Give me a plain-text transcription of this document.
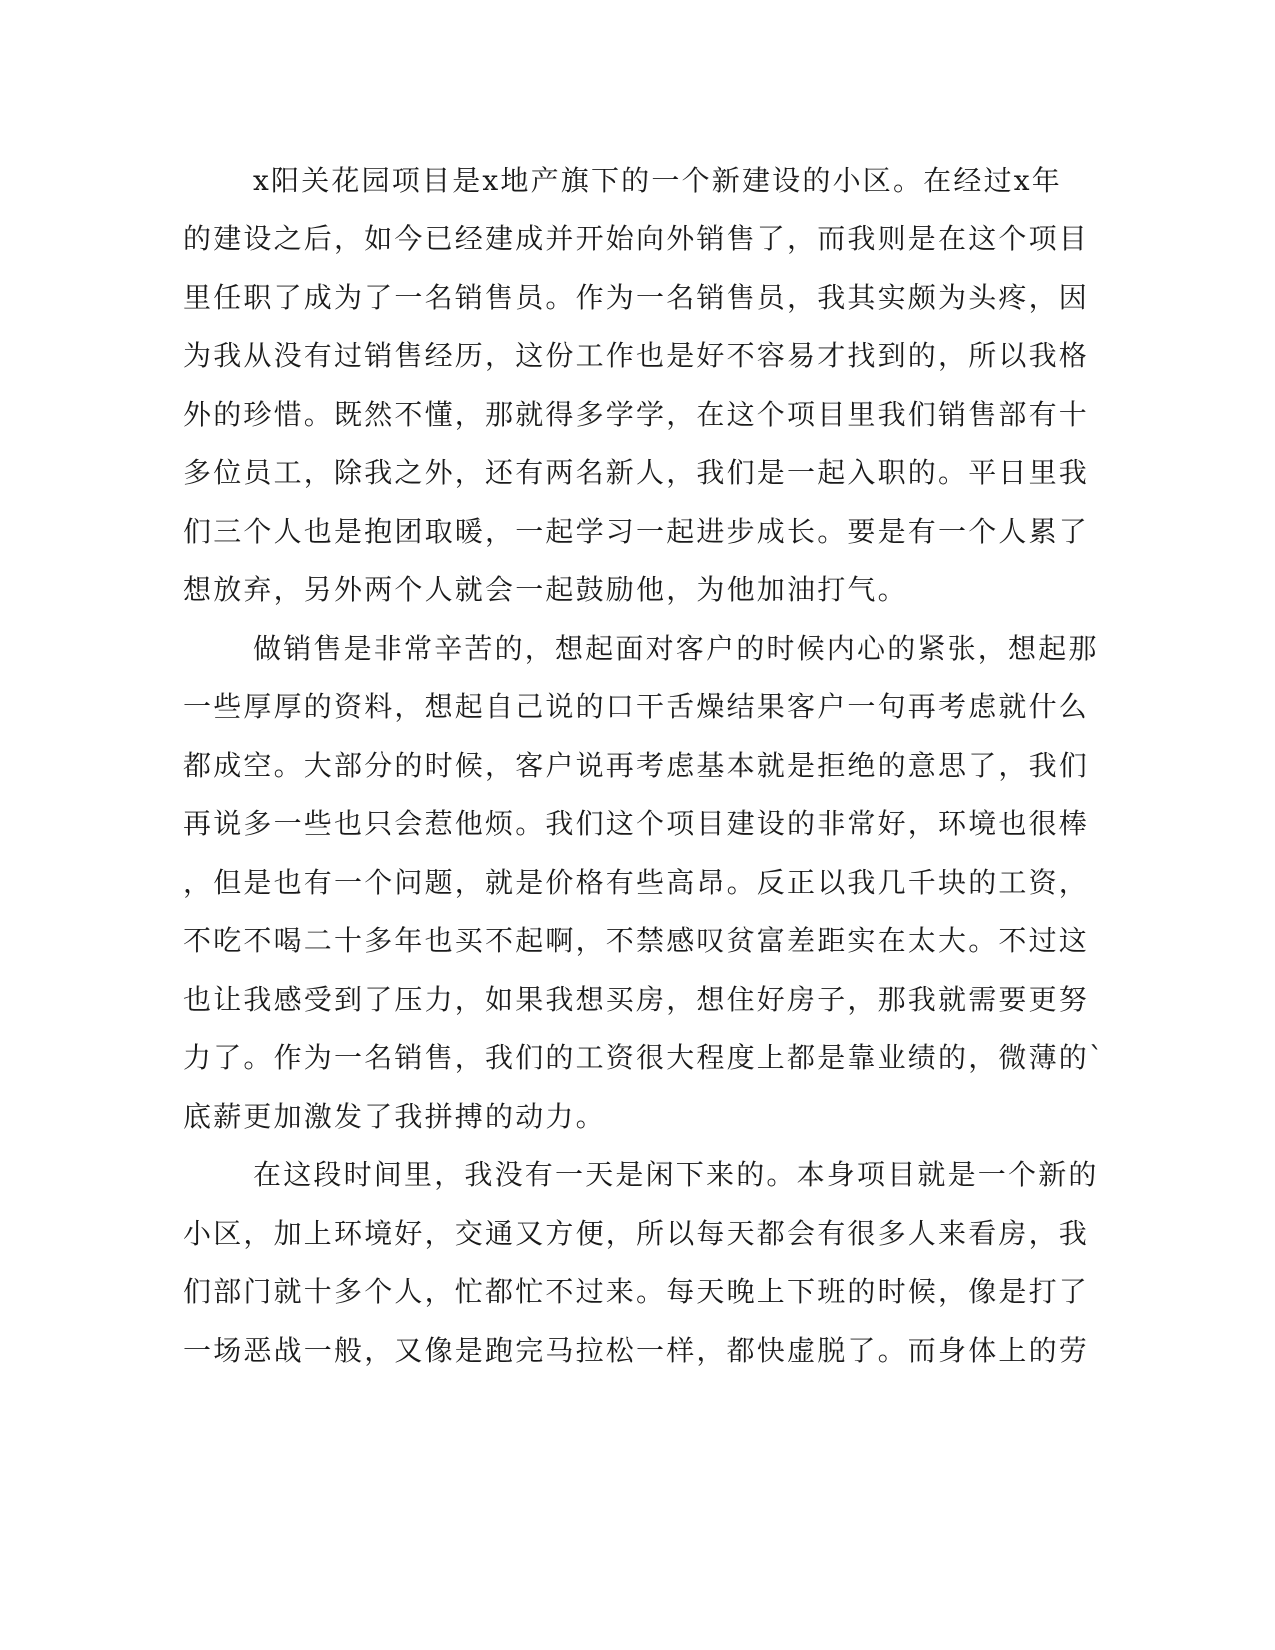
x阳关花园项目是x地产旗下的一个新建设的小区。在经过x年
的建设之后，如今已经建成并开始向外销售了，而我则是在这个项目
里任职了成为了一名销售员。作为一名销售员，我其实颇为头疼，因
为我从没有过销售经历，这份工作也是好不容易才找到的，所以我格
外的珍惜。既然不懂，那就得多学学，在这个项目里我们销售部有十
多位员工，除我之外，还有两名新人，我们是一起入职的。平日里我
们三个人也是抱团取暖，一起学习一起进步成长。要是有一个人累了
想放弃，另外两个人就会一起鼓励他，为他加油打气。
做销售是非常辛苦的，想起面对客户的时候内心的紧张，想起那
一些厚厚的资料，想起自己说的口干舌燥结果客户一句再考虑就什么
都成空。大部分的时候，客户说再考虑基本就是拒绝的意思了，我们
再说多一些也只会惹他烦。我们这个项目建设的非常好，环境也很棒
，但是也有一个问题，就是价格有些高昂。反正以我几千块的工资，
不吃不喝二十多年也买不起啊，不禁感叹贫富差距实在太大。不过这
也让我感受到了压力，如果我想买房，想住好房子，那我就需要更努
力了。作为一名销售，我们的工资很大程度上都是靠业绩的，微薄的`
底薪更加激发了我拼搏的动力。
在这段时间里，我没有一天是闲下来的。本身项目就是一个新的
小区，加上环境好，交通又方便，所以每天都会有很多人来看房，我
们部门就十多个人，忙都忙不过来。每天晚上下班的时候，像是打了
一场恶战一般，又像是跑完马拉松一样，都快虚脱了。而身体上的劳
